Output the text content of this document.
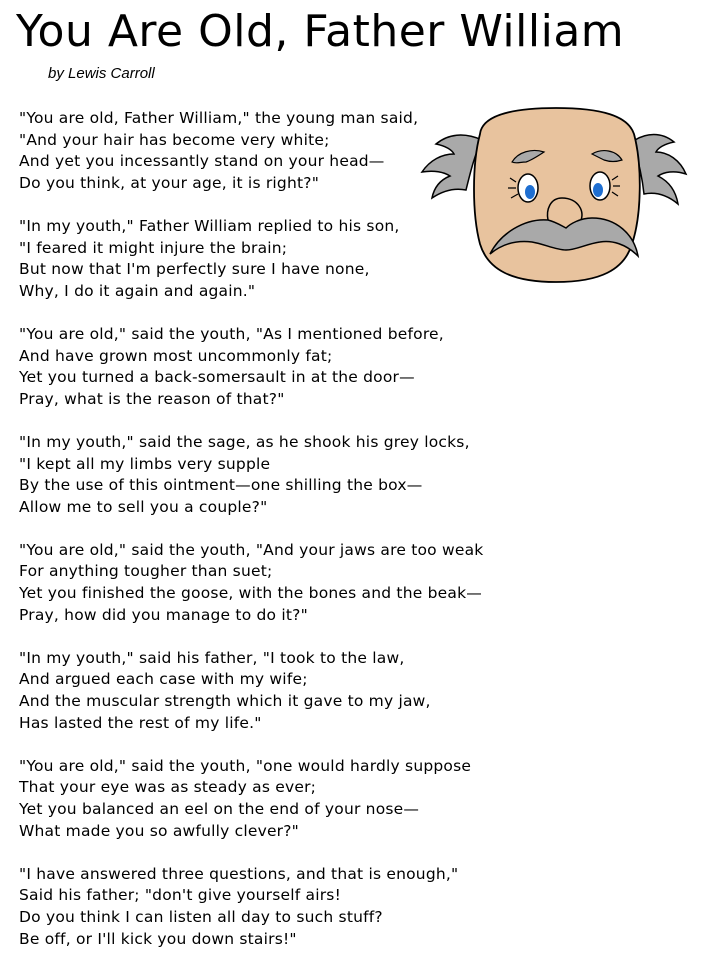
You Are Old, Father William
by Lewis Carroll
"You are old, Father William," the young man said,
"And your hair has become very white;
And yet you incessantly stand on your head—
Do you think, at your age, it is right?"
"In my youth," Father William replied to his son,
"I feared it might injure the brain;
But now that I'm perfectly sure I have none,
Why, I do it again and again."
"You are old," said the youth, "As I mentioned before,
And have grown most uncommonly fat;
Yet you turned a back-somersault in at the door—
Pray, what is the reason of that?"
"In my youth," said the sage, as he shook his grey locks,
"I kept all my limbs very supple
By the use of this ointment—one shilling the box—
Allow me to sell you a couple?"
"You are old," said the youth, "And your jaws are too weak
For anything tougher than suet;
Yet you finished the goose, with the bones and the beak—
Pray, how did you manage to do it?"
"In my youth," said his father, "I took to the law,
And argued each case with my wife;
And the muscular strength which it gave to my jaw,
Has lasted the rest of my life."
"You are old," said the youth, "one would hardly suppose
That your eye was as steady as ever;
Yet you balanced an eel on the end of your nose—
What made you so awfully clever?"
"I have answered three questions, and that is enough,"
Said his father; "don't give yourself airs!
Do you think I can listen all day to such stuff?
Be off, or I'll kick you down stairs!"
